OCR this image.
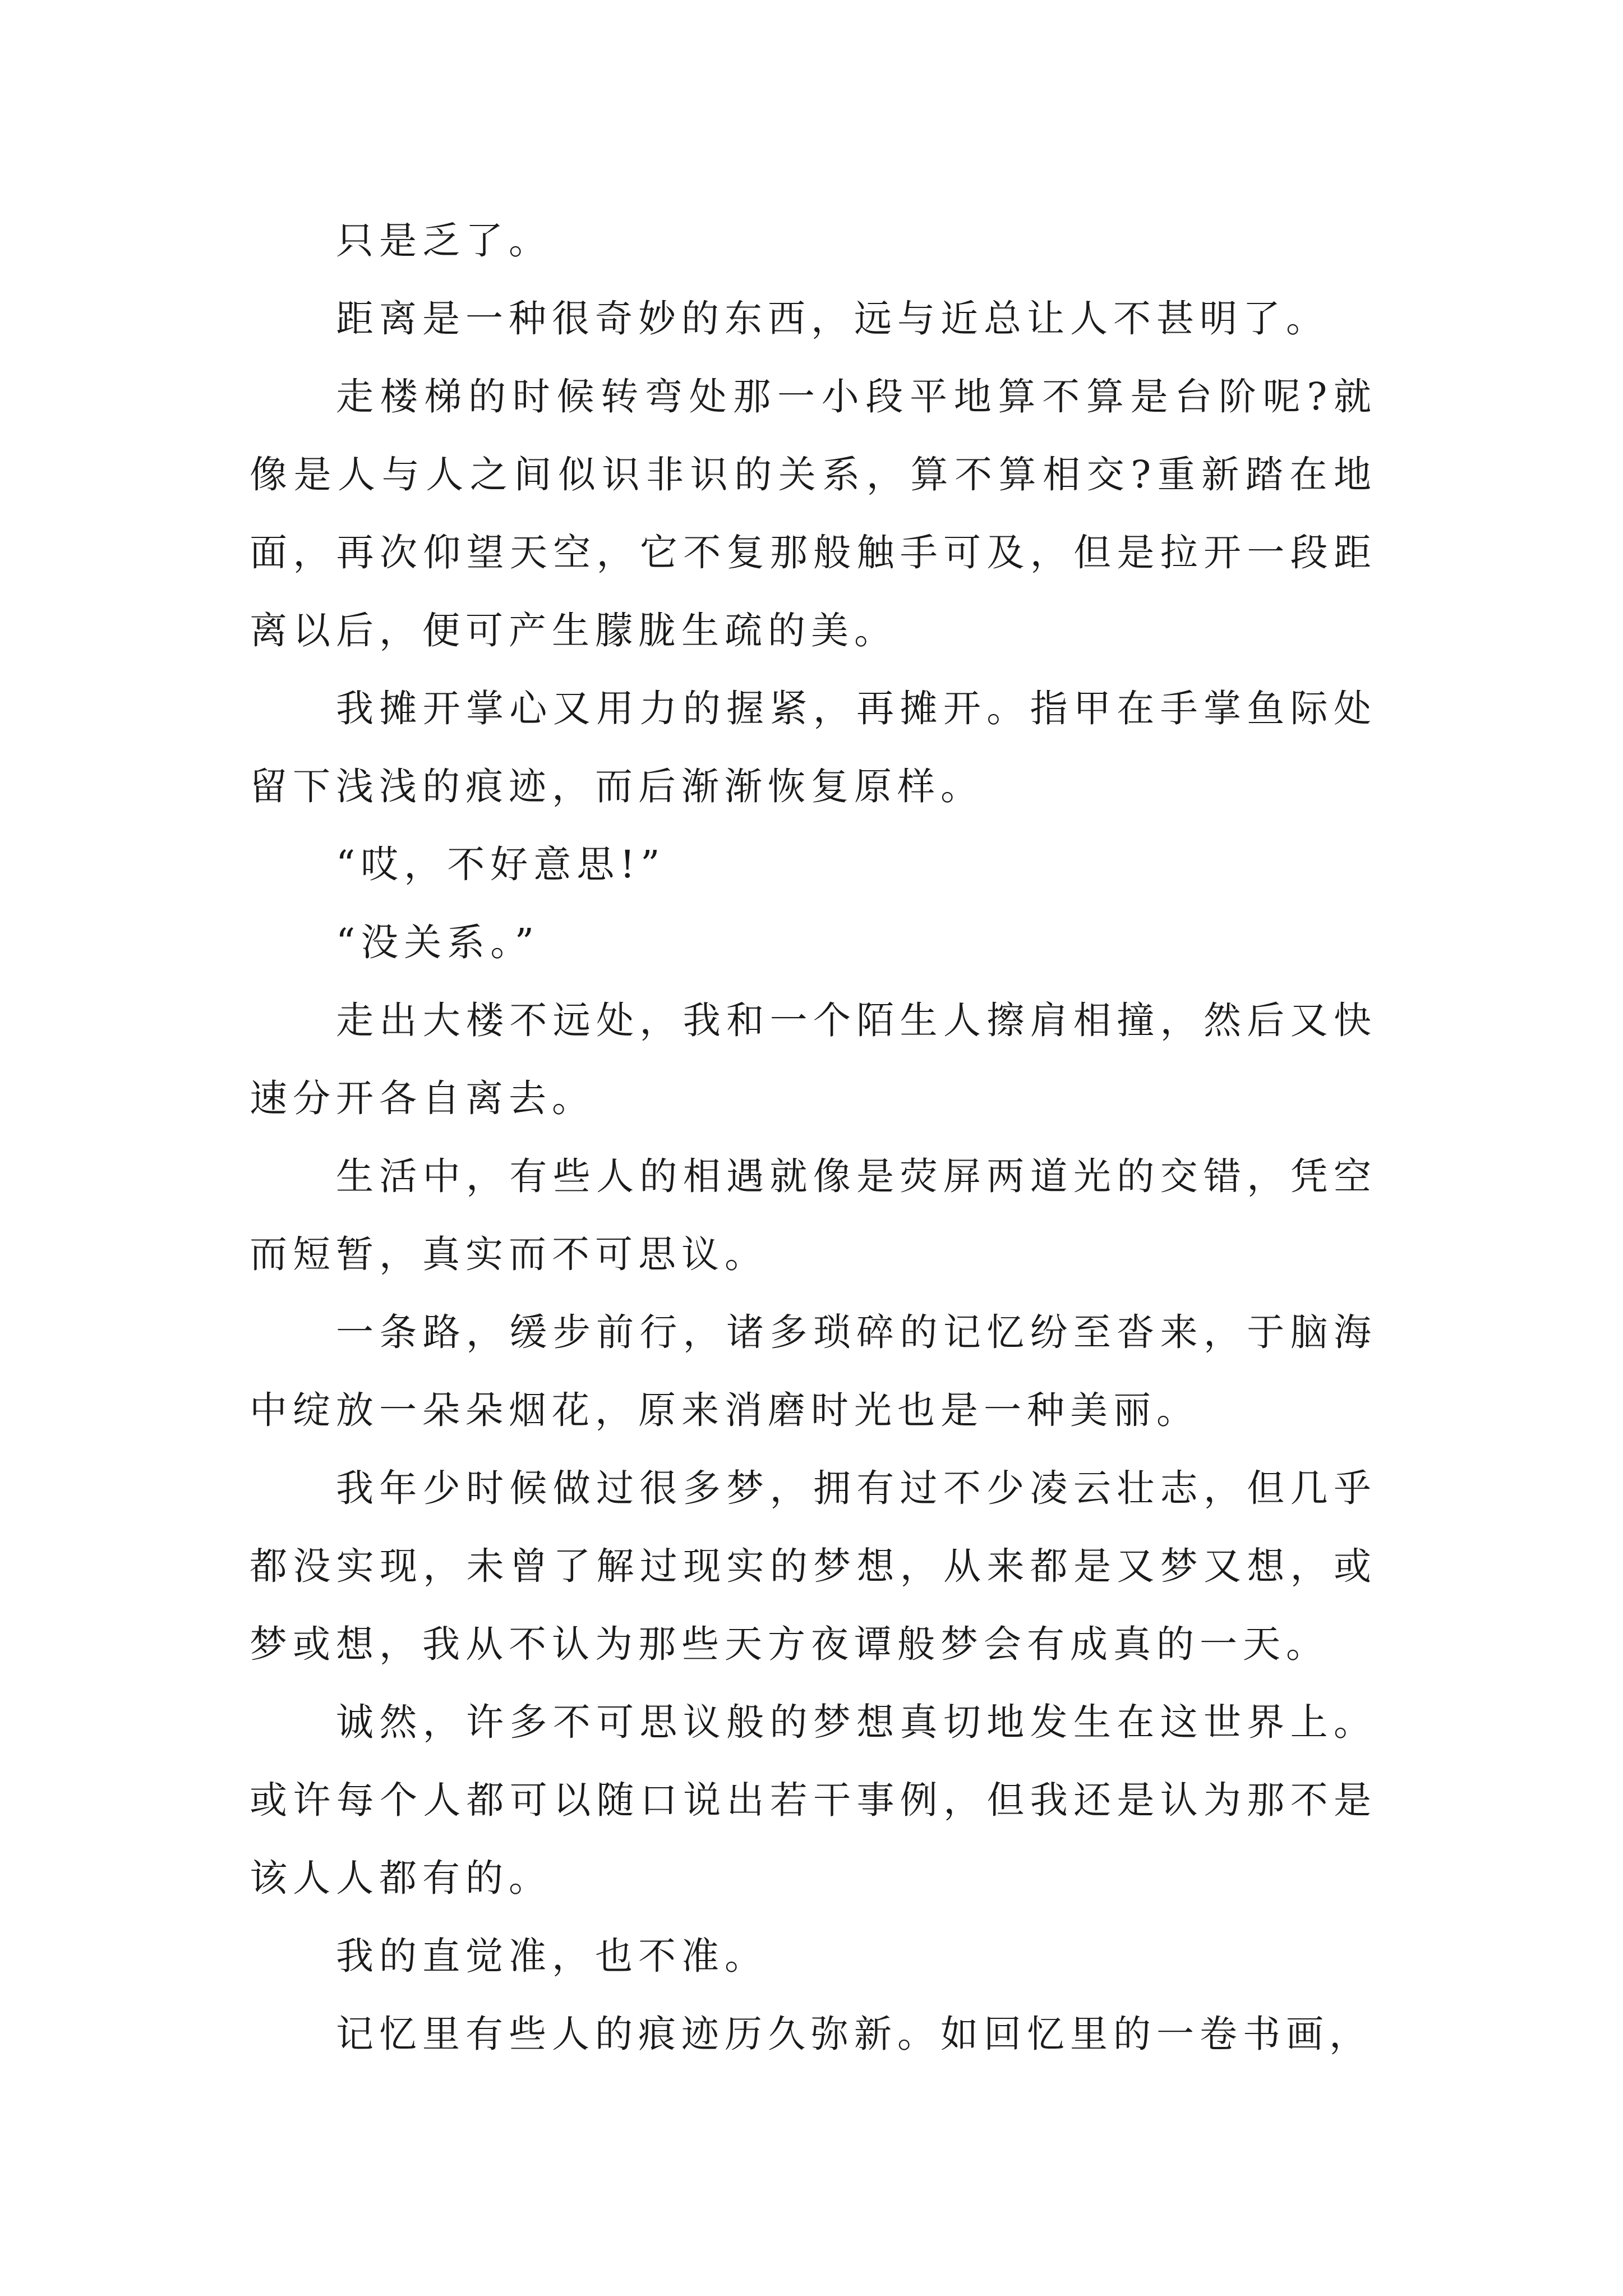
只是乏了。

距离是一种很奇妙的东西，远与近总让人不甚明了。

走楼梯的时候转弯处那一小段平地算不算是台阶呢?就像是人与人之间似识非识的关系，算不算相交?重新踏在地面，再次仰望天空，它不复那般触手可及，但是拉开一段距离以后，便可产生朦胧生疏的美。

我摊开掌心又用力的握紧，再摊开。指甲在手掌鱼际处留下浅浅的痕迹，而后渐渐恢复原样。

“哎，不好意思!”

“没关系。”

走出大楼不远处，我和一个陌生人擦肩相撞，然后又快速分开各自离去。

生活中，有些人的相遇就像是荧屏两道光的交错，凭空而短暂，真实而不可思议。

一条路，缓步前行，诸多琐碎的记忆纷至沓来，于脑海中绽放一朵朵烟花，原来消磨时光也是一种美丽。

我年少时候做过很多梦，拥有过不少凌云壮志，但几乎都没实现，未曾了解过现实的梦想，从来都是又梦又想，或梦或想，我从不认为那些天方夜谭般梦会有成真的一天。

诚然，许多不可思议般的梦想真切地发生在这世界上。或许每个人都可以随口说出若干事例，但我还是认为那不是该人人都有的。

我的直觉准，也不准。

记忆里有些人的痕迹历久弥新。如回忆里的一卷书画，
